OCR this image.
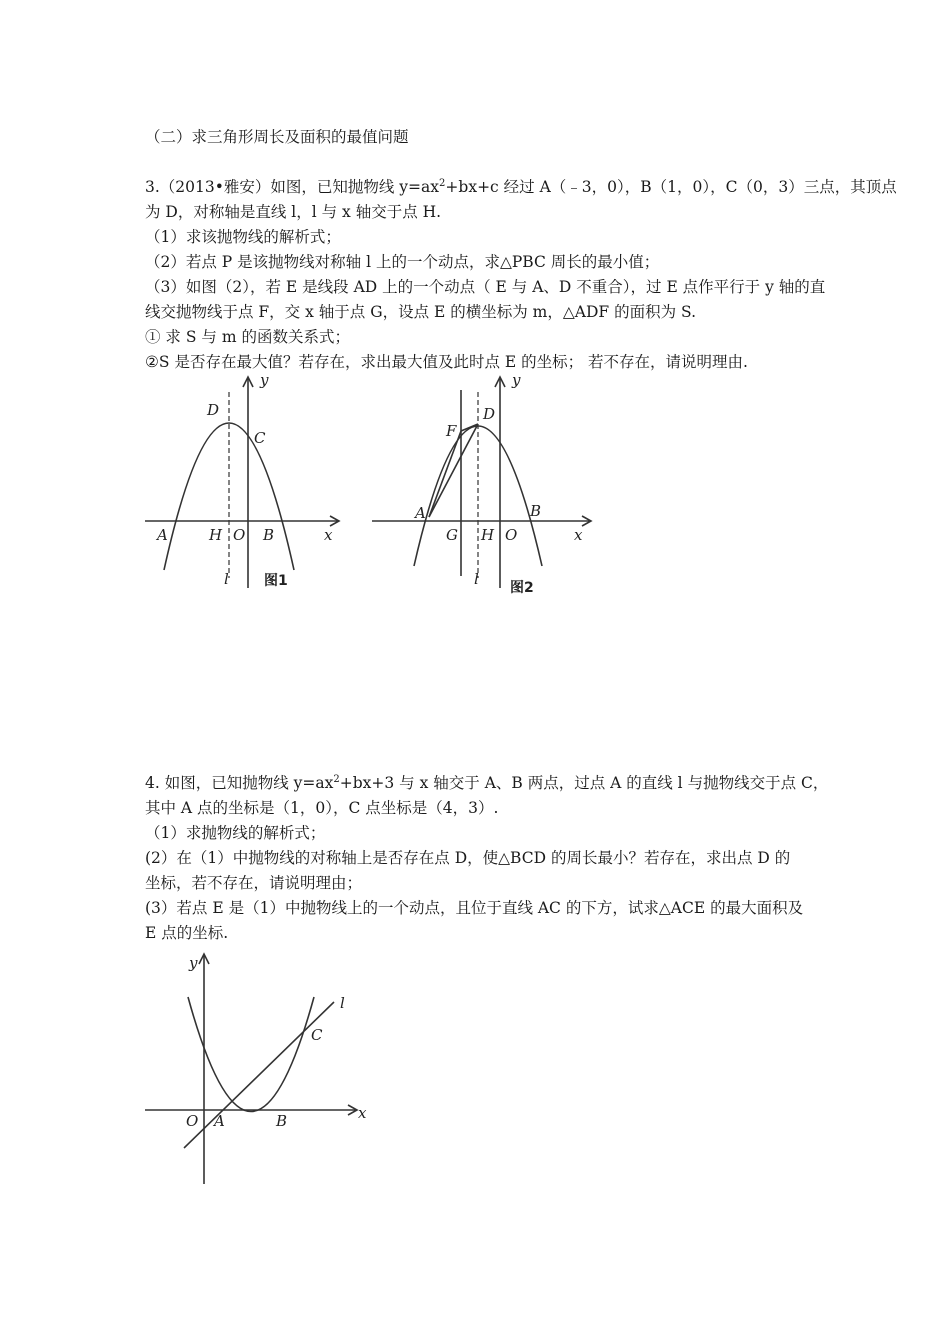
（二）求三角形周长及面积的最值问题
3.（2013•雅安）如图，已知抛物线 $y=ax^2+bx+c$ 经过 A（﹣3，0），B（1，0），C（0，3）三点，其顶点
为 D，对称轴是直线 l，l 与 x 轴交于点 H.
（1）求该抛物线的解析式；
（2）若点 P 是该抛物线对称轴 l 上的一个动点，求△PBC 周长的最小值；
（3）如图（2），若 E 是线段 AD 上的一个动点（ E 与 A、D 不重合），过 E 点作平行于 y 轴的直
线交抛物线于点 F，交 x 轴于点 G，设点 E 的横坐标为 m，△ADF 的面积为 S.
① 求 S 与 m 的函数关系式；
②S 是否存在最大值？若存在，求出最大值及此时点 E 的坐标； 若不存在，请说明理由.
y
x
D
C
A	H O B
l	图1
y
x
D
F
A
G H O
B
l 图2
4. 如图，已知抛物线 $y=ax^2+bx+3$ 与 x 轴交于 A、B 两点，过点 A 的直线 l 与抛物线交于点 C，
其中 A 点的坐标是（1，0），C 点坐标是（4，3）.
（1）求抛物线的解析式；
(2）在（1）中抛物线的对称轴上是否存在点 D，使△BCD 的周长最小？若存在，求出点 D 的
坐标，若不存在，请说明理由；
(3）若点 E 是（1）中抛物线上的一个动点，且位于直线 AC 的下方，试求△ACE 的最大面积及
E 点的坐标.
y
x
l
C
O A	B
